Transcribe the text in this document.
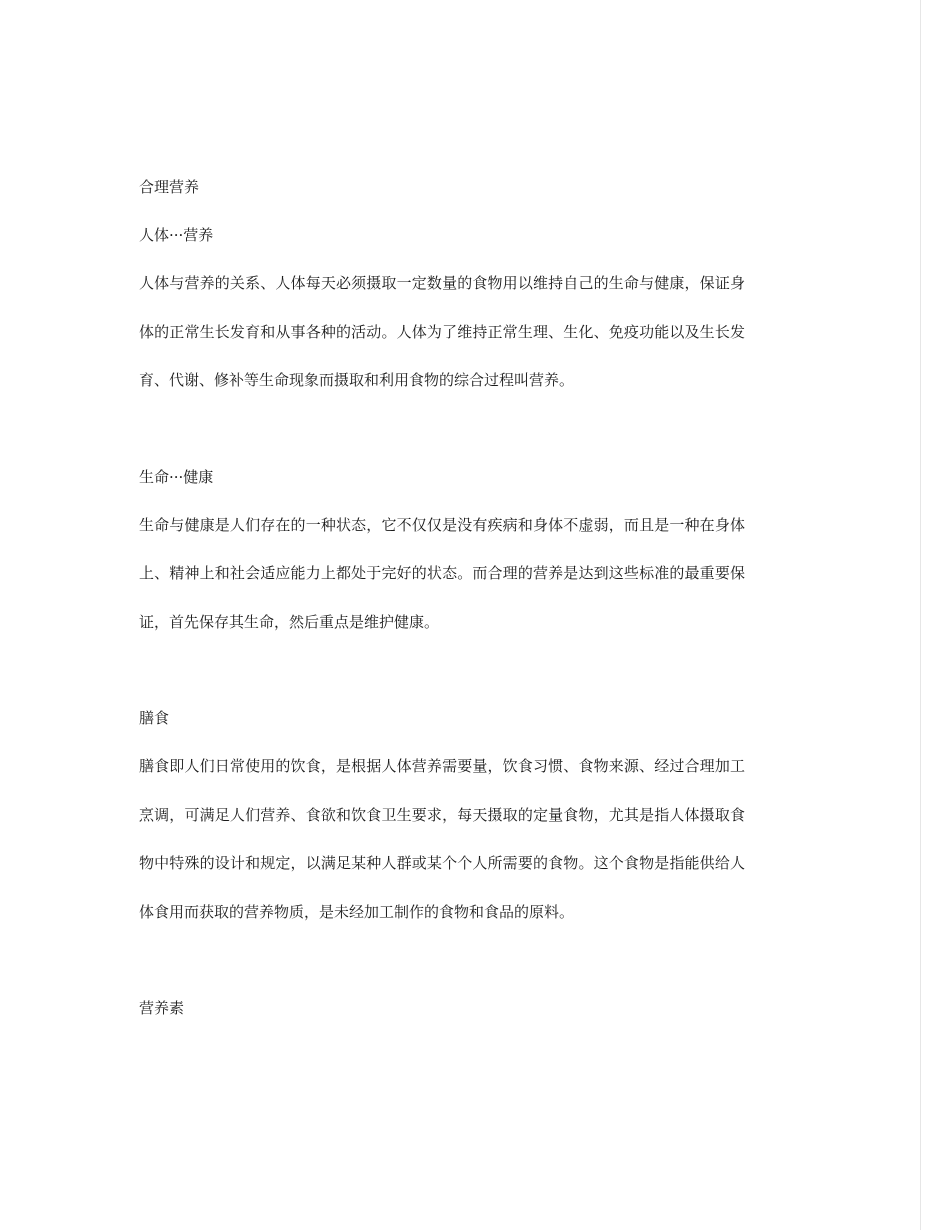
合理营养

人体···营养

人体与营养的关系、人体每天必须摄取一定数量的食物用以维持自己的生命与健康，保证身体的正常生长发育和从事各种的活动。人体为了维持正常生理、生化、免疫功能以及生长发育、代谢、修补等生命现象而摄取和利用食物的综合过程叫营养。

生命···健康

生命与健康是人们存在的一种状态，它不仅仅是没有疾病和身体不虚弱，而且是一种在身体上、精神上和社会适应能力上都处于完好的状态。而合理的营养是达到这些标准的最重要保证，首先保存其生命，然后重点是维护健康。

膳食

膳食即人们日常使用的饮食，是根据人体营养需要量，饮食习惯、食物来源、经过合理加工烹调，可满足人们营养、食欲和饮食卫生要求，每天摄取的定量食物，尤其是指人体摄取食物中特殊的设计和规定，以满足某种人群或某个个人所需要的食物。这个食物是指能供给人体食用而获取的营养物质，是未经加工制作的食物和食品的原料。

营养素
